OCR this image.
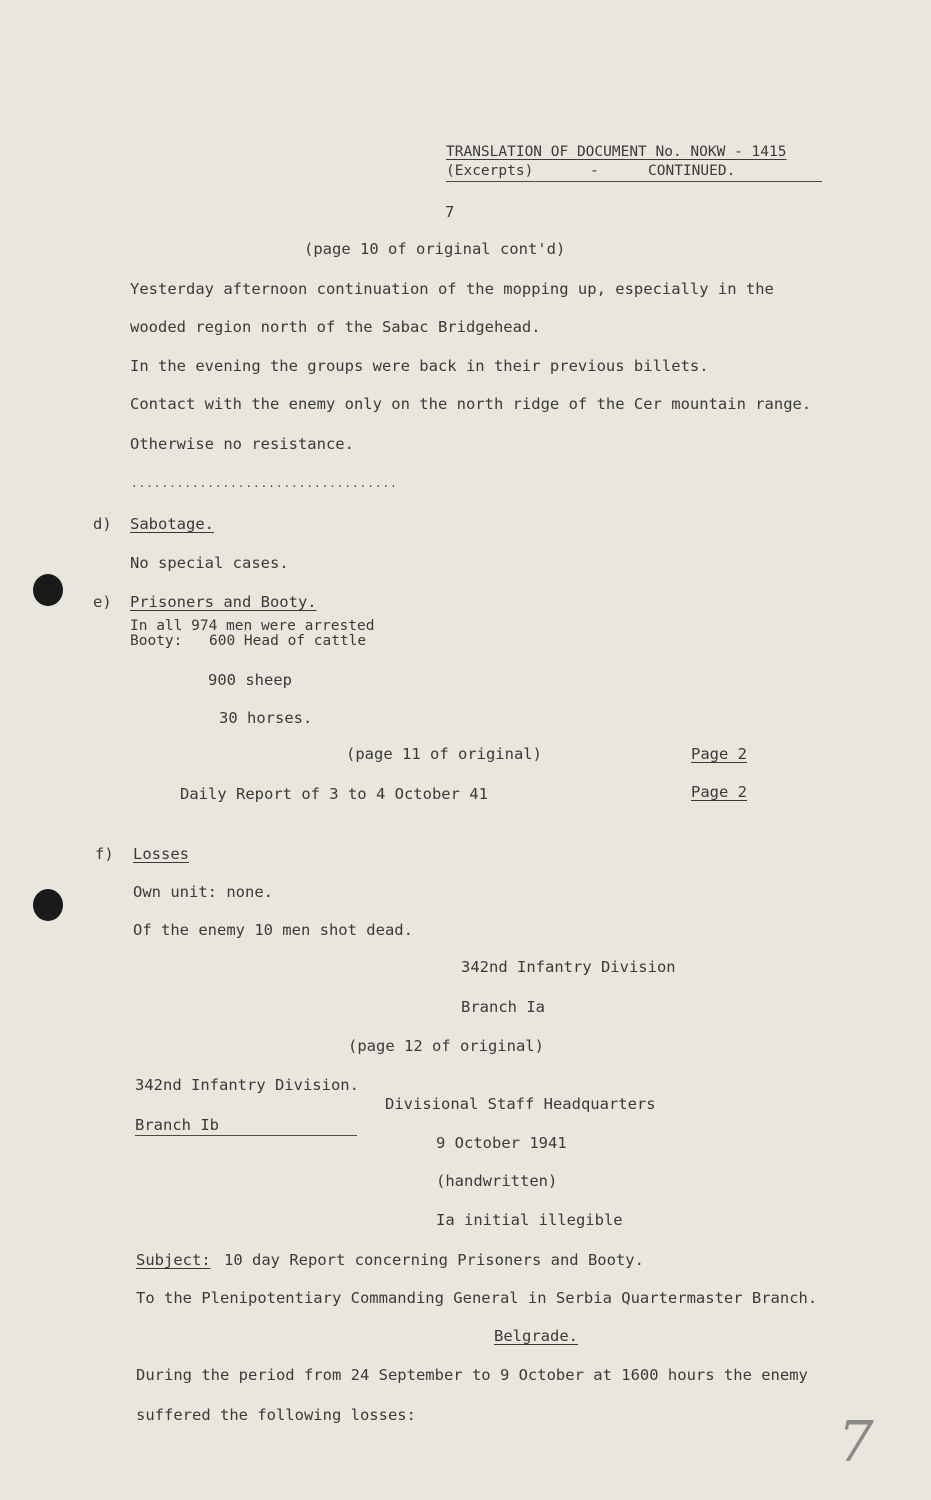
TRANSLATION OF DOCUMENT No. NOKW - 1415
(Excerpts)	-	CONTINUED.
7
(page 10 of original cont'd)
Yesterday afternoon continuation of the mopping up, especially in the
wooded region north of the Sabac Bridgehead.
In the evening the groups were back in their previous billets.
Contact with the enemy only on the north ridge of the Cer mountain range.
Otherwise no resistance.
...................................
d) Sabotage.
No special cases.
e) Prisoners and Booty.
In all 974 men were arrested
Booty: 600 Head of cattle
900 sheep
30 horses.
(page 11 of original)	Page 2
Daily Report of 3 to 4 October 41	Page 2
f) Losses
Own unit: none.
Of the enemy 10 men shot dead.
342nd Infantry Division
Branch Ia
(page 12 of original)
342nd Infantry Division.
Divisional Staff Headquarters
Branch Ib
9 October 1941
(handwritten)
Ia initial illegible
Subject: 10 day Report concerning Prisoners and Booty.
To the Plenipotentiary Commanding General in Serbia Quartermaster Branch.
Belgrade.
During the period from 24 September to 9 October at 1600 hours the enemy
suffered the following losses:	7
